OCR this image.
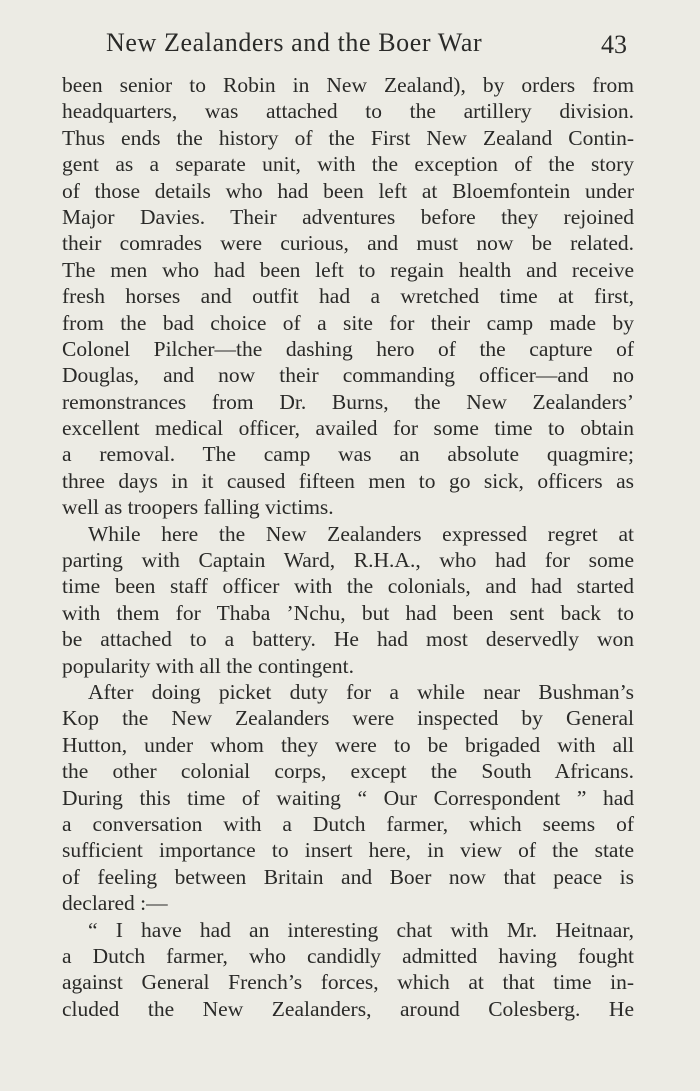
New Zealanders and the Boer War	43
been senior to Robin in New Zealand), by orders from
headquarters, was attached to the artillery division.
Thus ends the history of the First New Zealand Contin-
gent as a separate unit, with the exception of the story
of those details who had been left at Bloemfontein under
Major Davies. Their adventures before they rejoined
their comrades were curious, and must now be related.
The men who had been left to regain health and receive
fresh horses and outfit had a wretched time at first,
from the bad choice of a site for their camp made by
Colonel Pilcher—the dashing hero of the capture of
Douglas, and now their commanding officer—and no
remonstrances from Dr. Burns, the New Zealanders’
excellent medical officer, availed for some time to obtain
a removal. The camp was an absolute quagmire;
three days in it caused fifteen men to go sick, officers as
well as troopers falling victims.
While here the New Zealanders expressed regret at
parting with Captain Ward, R.H.A., who had for some
time been staff officer with the colonials, and had started
with them for Thaba ’Nchu, but had been sent back to
be attached to a battery. He had most deservedly won
popularity with all the contingent.
After doing picket duty for a while near Bushman’s
Kop the New Zealanders were inspected by General
Hutton, under whom they were to be brigaded with all
the other colonial corps, except the South Africans.
During this time of waiting “ Our Correspondent ” had
a conversation with a Dutch farmer, which seems of
sufficient importance to insert here, in view of the state
of feeling between Britain and Boer now that peace is
declared :—
“ I have had an interesting chat with Mr. Heitnaar,
a Dutch farmer, who candidly admitted having fought
against General French’s forces, which at that time in-
cluded the New Zealanders, around Colesberg. He
